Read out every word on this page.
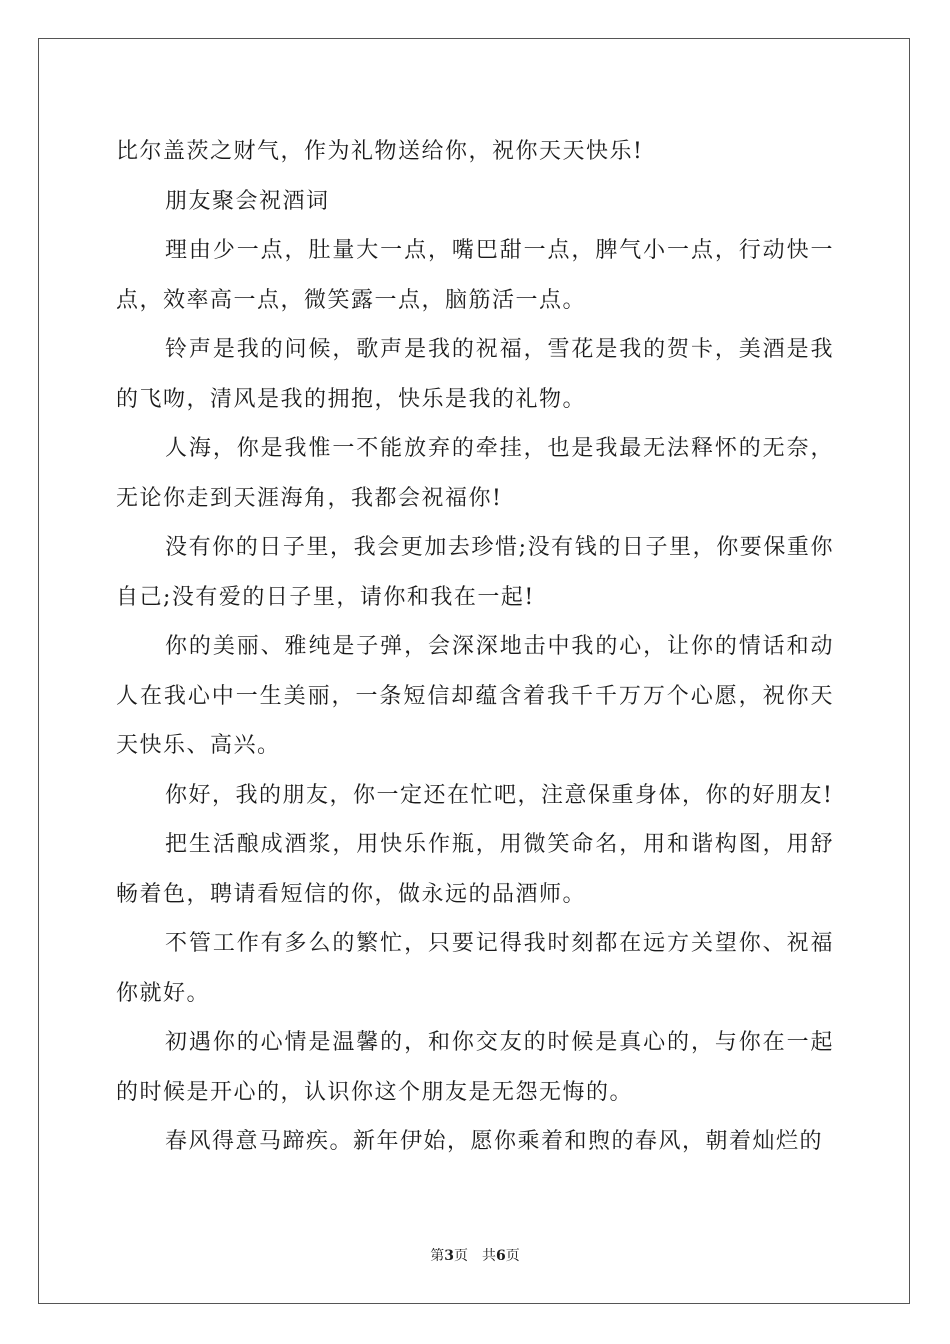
比尔盖茨之财气，作为礼物送给你，祝你天天快乐!

朋友聚会祝酒词

理由少一点，肚量大一点，嘴巴甜一点，脾气小一点，行动快一点，效率高一点，微笑露一点，脑筋活一点。

铃声是我的问候，歌声是我的祝福，雪花是我的贺卡，美酒是我的飞吻，清风是我的拥抱，快乐是我的礼物。

人海，你是我惟一不能放弃的牵挂，也是我最无法释怀的无奈，无论你走到天涯海角，我都会祝福你!

没有你的日子里，我会更加去珍惜;没有钱的日子里，你要保重你自己;没有爱的日子里，请你和我在一起!

你的美丽、雅纯是子弹，会深深地击中我的心，让你的情话和动人在我心中一生美丽，一条短信却蕴含着我千千万万个心愿，祝你天天快乐、高兴。

你好，我的朋友，你一定还在忙吧，注意保重身体，你的好朋友!

把生活酿成酒浆，用快乐作瓶，用微笑命名，用和谐构图，用舒畅着色，聘请看短信的你，做永远的品酒师。

不管工作有多么的繁忙，只要记得我时刻都在远方关望你、祝福你就好。

初遇你的心情是温馨的，和你交友的时候是真心的，与你在一起的时候是开心的，认识你这个朋友是无怨无悔的。

春风得意马蹄疾。新年伊始，愿你乘着和煦的春风，朝着灿烂的

第3页 共6页
